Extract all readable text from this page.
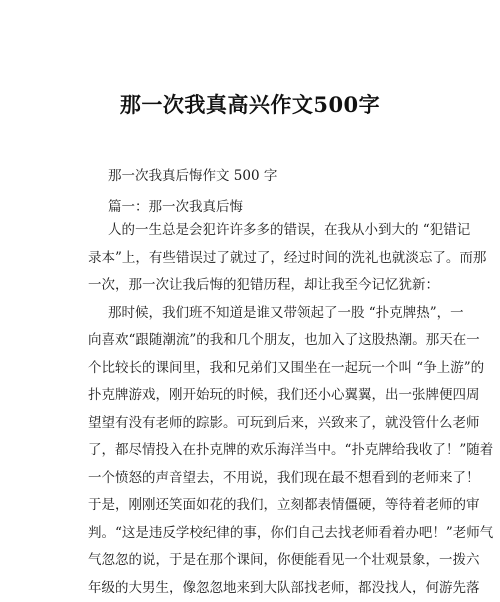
那一次我真高兴作文500字
那一次我真后悔作文 500 字
篇一：那一次我真后悔

人的一生总是会犯许许多多的错误，在我从小到大的 “犯错记
录本”上，有些错误过了就过了，经过时间的洗礼也就淡忘了。而那
一次，那一次让我后悔的犯错历程，却让我至今记忆犹新：

那时候，我们班不知道是谁又带领起了一股 “扑克牌热”，一
向喜欢“跟随潮流”的我和几个朋友，也加入了这股热潮。那天在一
个比较长的课间里，我和兄弟们又围坐在一起玩一个叫 “争上游”的
扑克牌游戏，刚开始玩的时候，我们还小心翼翼，出一张牌便四周
望望有没有老师的踪影。可玩到后来，兴致来了，就没管什么老师
了，都尽情投入在扑克牌的欢乐海洋当中。“扑克牌给我收了！”随着
一个愤怒的声音望去，不用说，我们现在最不想看到的老师来了！
于是，刚刚还笑面如花的我们，立刻都表情僵硬，等待着老师的审
判。“这是违反学校纪律的事，你们自己去找老师看着办吧！”老师气
气忽忽的说，于是在那个课间，你便能看见一个壮观景象，一拨六
年级的大男生，像忽忽地来到大队部找老师，都没找人，何游先落
